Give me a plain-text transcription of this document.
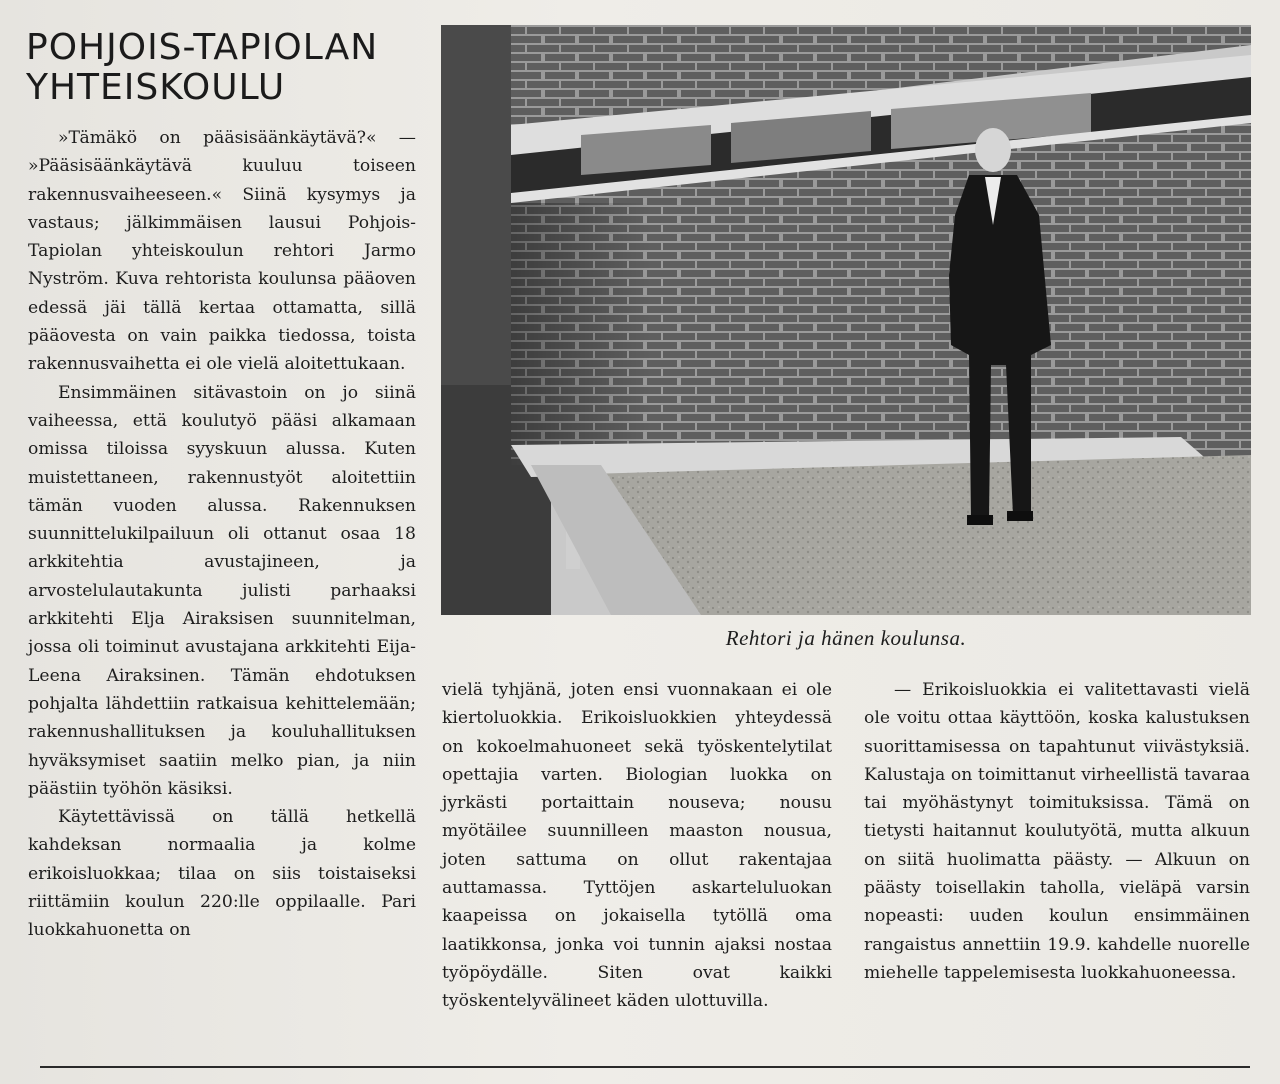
POHJOIS-TAPIOLAN
YHTEISKOULU

»Tämäkö on pääsisäänkäytävä?« — »Pääsisäänkäytävä kuuluu toiseen rakennusvaiheeseen.« Siinä kysymys ja vastaus; jälkimmäisen lausui Pohjois-Tapiolan yhteiskoulun rehtori Jarmo Nyström. Kuva rehtorista koulunsa pääoven edessä jäi tällä kertaa ottamatta, sillä pääovesta on vain paikka tiedossa, toista rakennusvaihetta ei ole vielä aloitettukaan.

Ensimmäinen sitävastoin on jo siinä vaiheessa, että koulutyö pääsi alkamaan omissa tiloissa syyskuun alussa. Kuten muistettaneen, rakennustyöt aloitettiin tämän vuoden alussa. Rakennuksen suunnittelukilpailuun oli ottanut osaa 18 arkkitehtia avustajineen, ja arvostelulautakunta julisti parhaaksi arkkitehti Elja Airaksisen suunnitelman, jossa oli toiminut avustajana arkkitehti Eija-Leena Airaksinen. Tämän ehdotuksen pohjalta lähdettiin ratkaisua kehittelemään; rakennushallituksen ja kouluhallituksen hyväksymiset saatiin melko pian, ja niin päästiin työhön käsiksi.

Käytettävissä on tällä hetkellä kahdeksan normaalia ja kolme erikoisluokkaa; tilaa on siis toistaiseksi riittämiin koulun 220:lle oppilaalle. Pari luokkahuonetta on

Rehtori ja hänen koulunsa.

vielä tyhjänä, joten ensi vuonnakaan ei ole kiertoluokkia. Erikoisluokkien yhteydessä on kokoelmahuoneet sekä työskentelytilat opettajia varten. Biologian luokka on jyrkästi portaittain nouseva; nousu myötäilee suunnilleen maaston nousua, joten sattuma on ollut rakentajaa auttamassa. Tyttöjen askarteluluokan kaapeissa on jokaisella tytöllä oma laatikkonsa, jonka voi tunnin ajaksi nostaa työpöydälle. Siten ovat kaikki työskentelyvälineet käden ulottuvilla.

— Erikoisluokkia ei valitettavasti vielä ole voitu ottaa käyttöön, koska kalustuksen suorittamisessa on tapahtunut viivästyksiä. Kalustaja on toimittanut virheellistä tavaraa tai myöhästynyt toimituksissa. Tämä on tietysti haitannut koulutyötä, mutta alkuun on siitä huolimatta päästy. — Alkuun on päästy toisellakin taholla, vieläpä varsin nopeasti: uuden koulun ensimmäinen rangaistus annettiin 19.9. kahdelle nuorelle miehelle tappelemisesta luokkahuoneessa.
